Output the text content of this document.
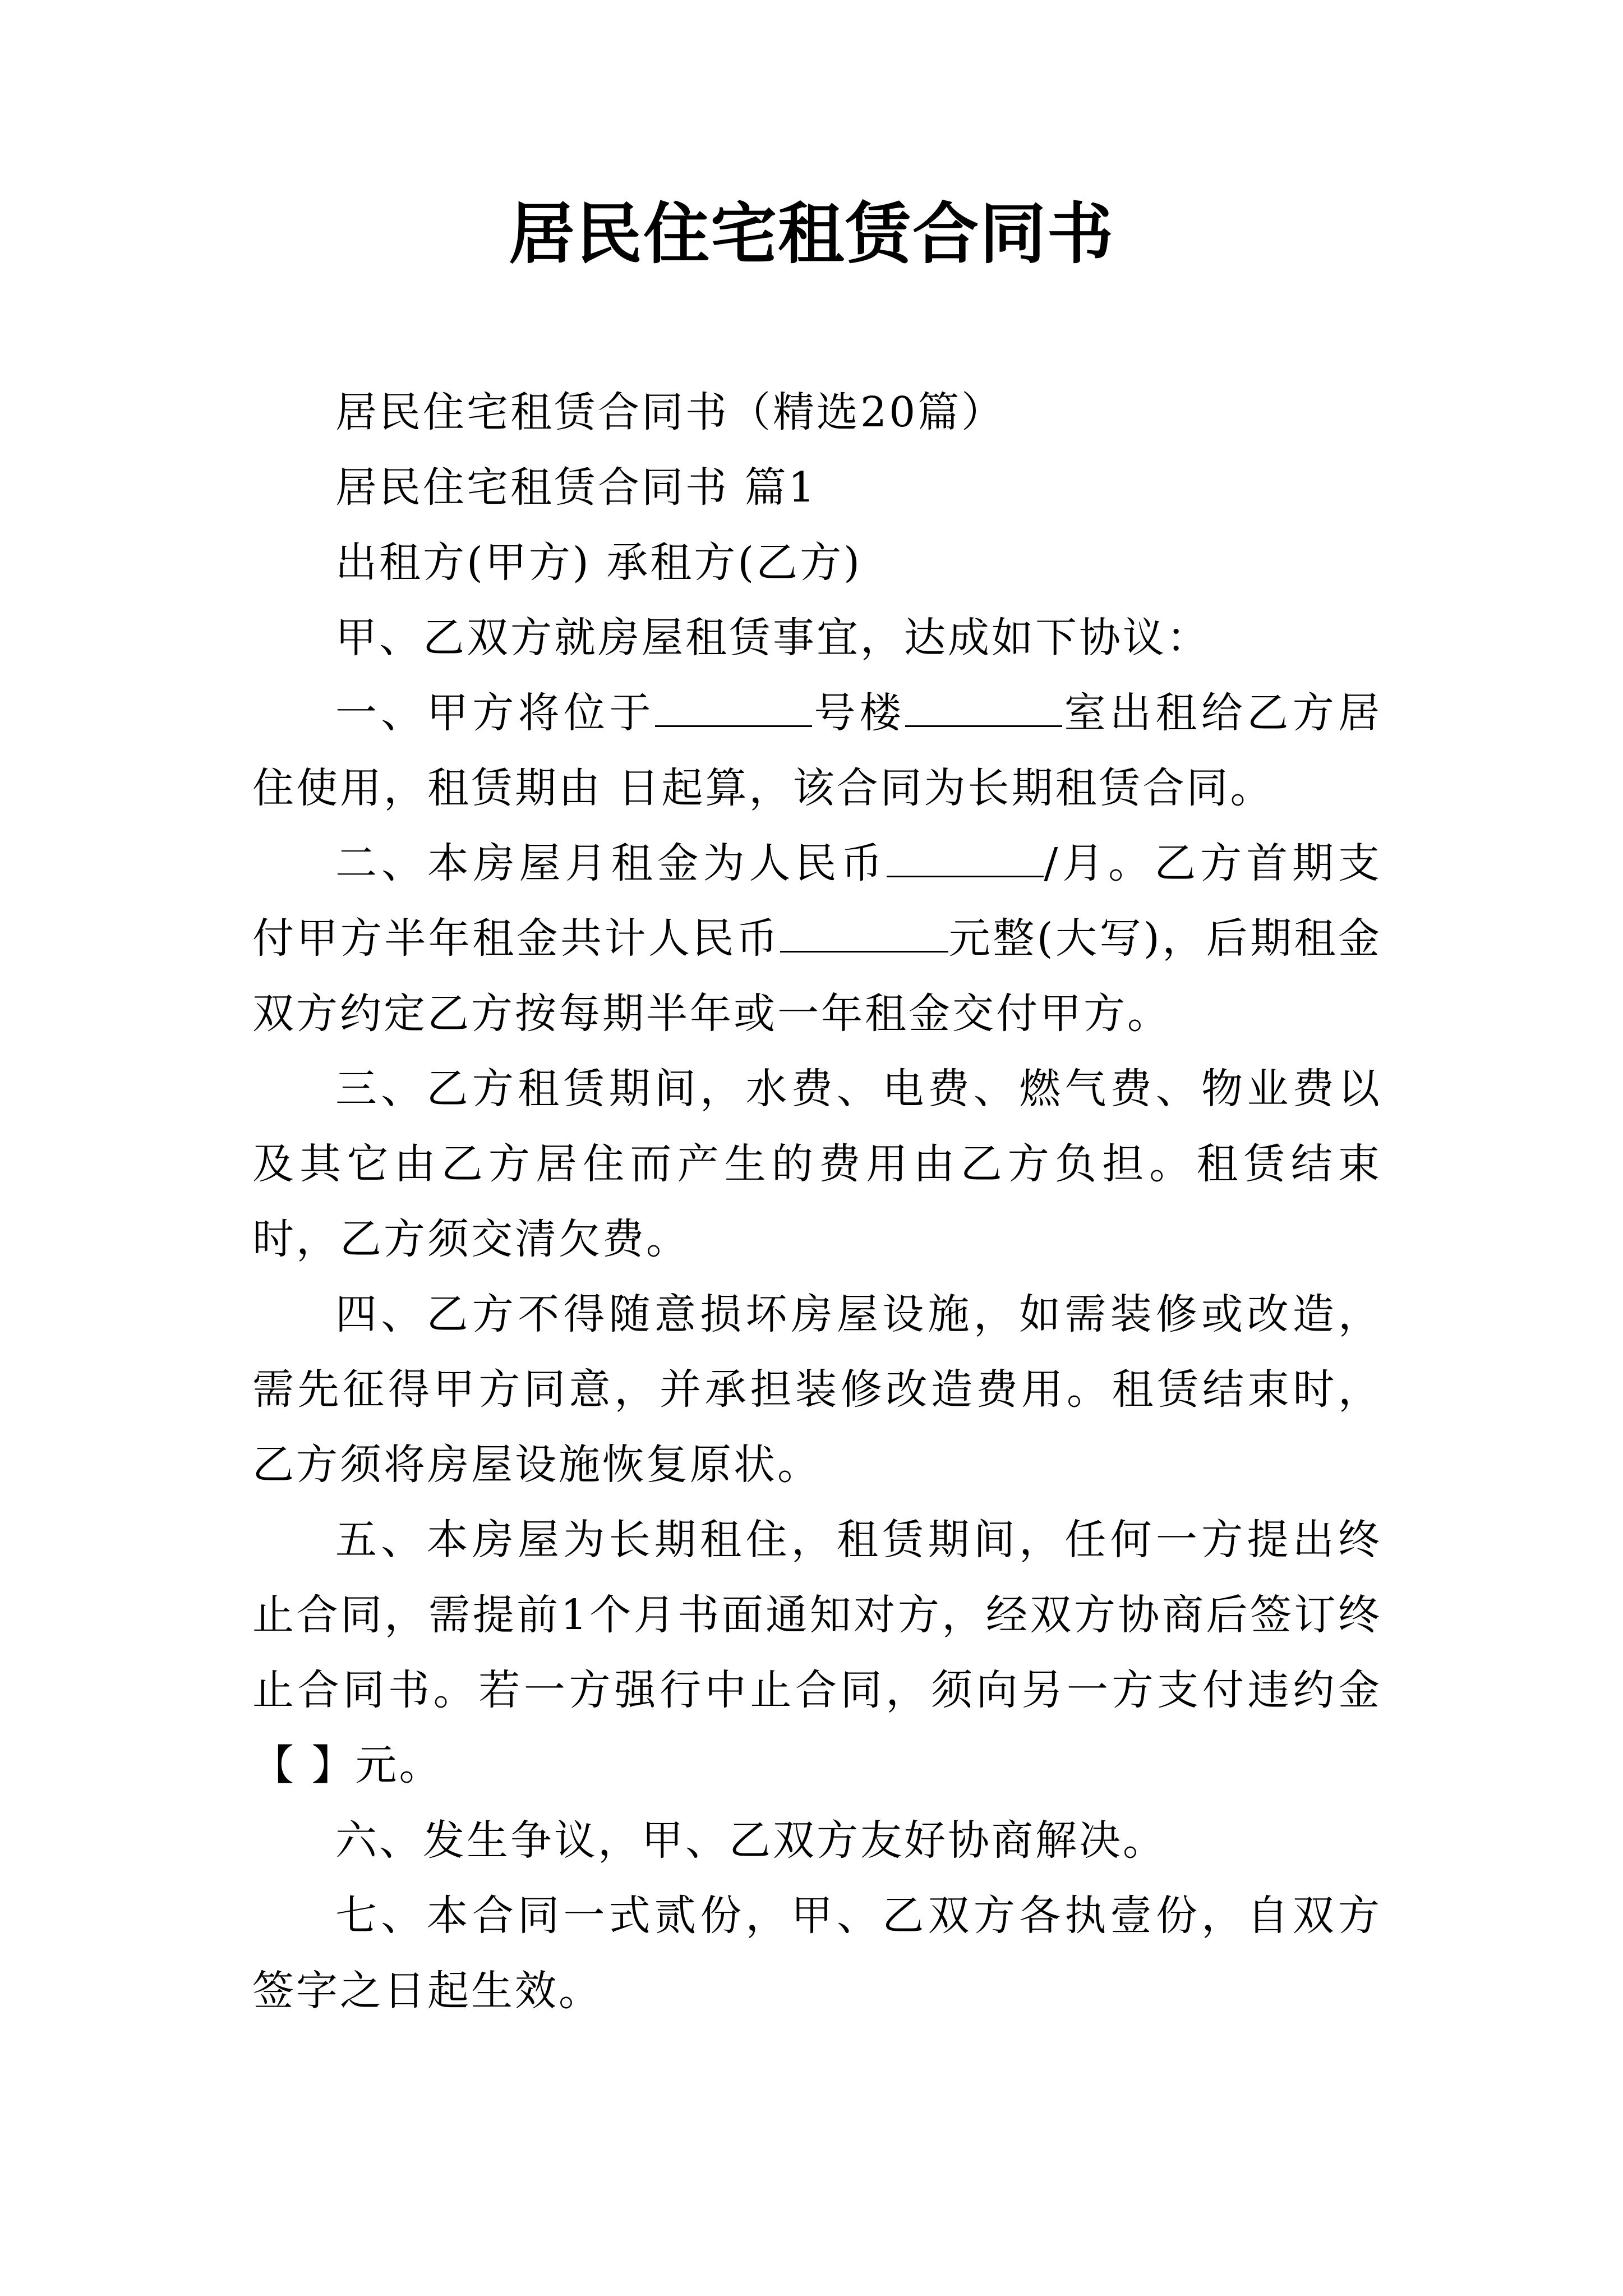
居民住宅租赁合同书

居民住宅租赁合同书（精选20篇）

居民住宅租赁合同书 篇1

出租方(甲方) 承租方(乙方)

甲、乙双方就房屋租赁事宜，达成如下协议：

一、甲方将位于	号楼	室出租给乙方居住使用，租赁期由 日起算，该合同为长期租赁合同。

二、本房屋月租金为人民币	/月。乙方首期支付甲方半年租金共计人民币	元整(大写)，后期租金双方约定乙方按每期半年或一年租金交付甲方。

三、乙方租赁期间，水费、电费、燃气费、物业费以及其它由乙方居住而产生的费用由乙方负担。租赁结束时，乙方须交清欠费。

四、乙方不得随意损坏房屋设施，如需装修或改造，需先征得甲方同意，并承担装修改造费用。租赁结束时，乙方须将房屋设施恢复原状。

五、本房屋为长期租住，租赁期间，任何一方提出终止合同，需提前1个月书面通知对方，经双方协商后签订终止合同书。若一方强行中止合同，须向另一方支付违约金【 】元。

六、发生争议，甲、乙双方友好协商解决。

七、本合同一式贰份，甲、乙双方各执壹份，自双方签字之日起生效。
